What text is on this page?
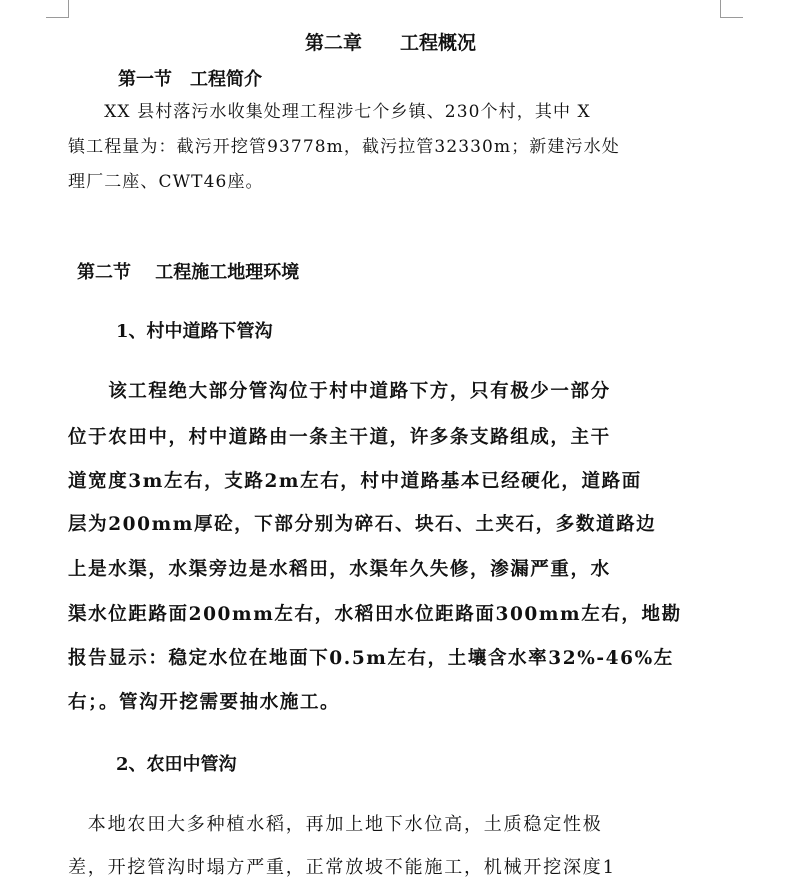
第二章　　工程概况
第一节　工程简介
　　XX 县村落污水收集处理工程涉七个乡镇、230个村，其中 X
镇工程量为：截污开挖管93778m，截污拉管32330m；新建污水处
理厂二座、CWT46座。
第二节　 工程施工地理环境
1、村中道路下管沟
　　该工程绝大部分管沟位于村中道路下方，只有极少一部分
位于农田中，村中道路由一条主干道，许多条支路组成，主干
道宽度3m左右，支路2m左右，村中道路基本已经硬化，道路面
层为200mm厚砼，下部分别为碎石、块石、土夹石，多数道路边
上是水渠，水渠旁边是水稻田，水渠年久失修，渗漏严重，水
渠水位距路面200mm左右，水稻田水位距路面300mm左右，地勘
报告显示：稳定水位在地面下0.5m左右，土壤含水率32%-46%左
右；。管沟开挖需要抽水施工。
2、农田中管沟
　本地农田大多种植水稻，再加上地下水位高，土质稳定性极
差，开挖管沟时塌方严重，正常放坡不能施工，机械开挖深度1
